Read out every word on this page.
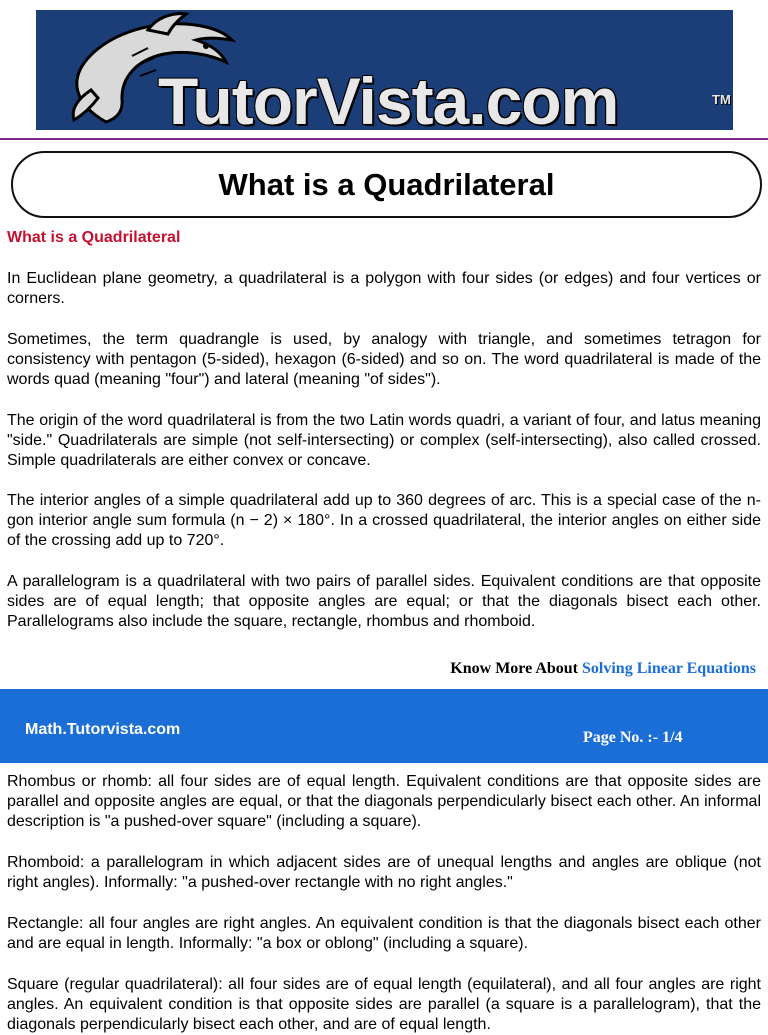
TutorVista.com	TM
What is a Quadrilateral
What is a Quadrilateral

In Euclidean plane geometry, a quadrilateral is a polygon with four sides (or edges) and four vertices or corners.

Sometimes, the term quadrangle is used, by analogy with triangle, and sometimes tetragon for consistency with pentagon (5-sided), hexagon (6-sided) and so on. The word quadrilateral is made of the words quad (meaning "four") and lateral (meaning "of sides").

The origin of the word quadrilateral is from the two Latin words quadri, a variant of four, and latus meaning "side." Quadrilaterals are simple (not self-intersecting) or complex (self-intersecting), also called crossed. Simple quadrilaterals are either convex or concave.

The interior angles of a simple quadrilateral add up to 360 degrees of arc. This is a special case of the n-gon interior angle sum formula (n − 2) × 180°. In a crossed quadrilateral, the interior angles on either side of the crossing add up to 720°.

A parallelogram is a quadrilateral with two pairs of parallel sides. Equivalent conditions are that opposite sides are of equal length; that opposite angles are equal; or that the diagonals bisect each other. Parallelograms also include the square, rectangle, rhombus and rhomboid.

Know More About Solving Linear Equations
Math.Tutorvista.com	Page No. :- 1/4

Rhombus or rhomb: all four sides are of equal length. Equivalent conditions are that opposite sides are parallel and opposite angles are equal, or that the diagonals perpendicularly bisect each other. An informal description is "a pushed-over square" (including a square).

Rhomboid: a parallelogram in which adjacent sides are of unequal lengths and angles are oblique (not right angles). Informally: "a pushed-over rectangle with no right angles."

Rectangle: all four angles are right angles. An equivalent condition is that the diagonals bisect each other and are equal in length. Informally: "a box or oblong" (including a square).

Square (regular quadrilateral): all four sides are of equal length (equilateral), and all four angles are right angles. An equivalent condition is that opposite sides are parallel (a square is a parallelogram), that the diagonals perpendicularly bisect each other, and are of equal length.
